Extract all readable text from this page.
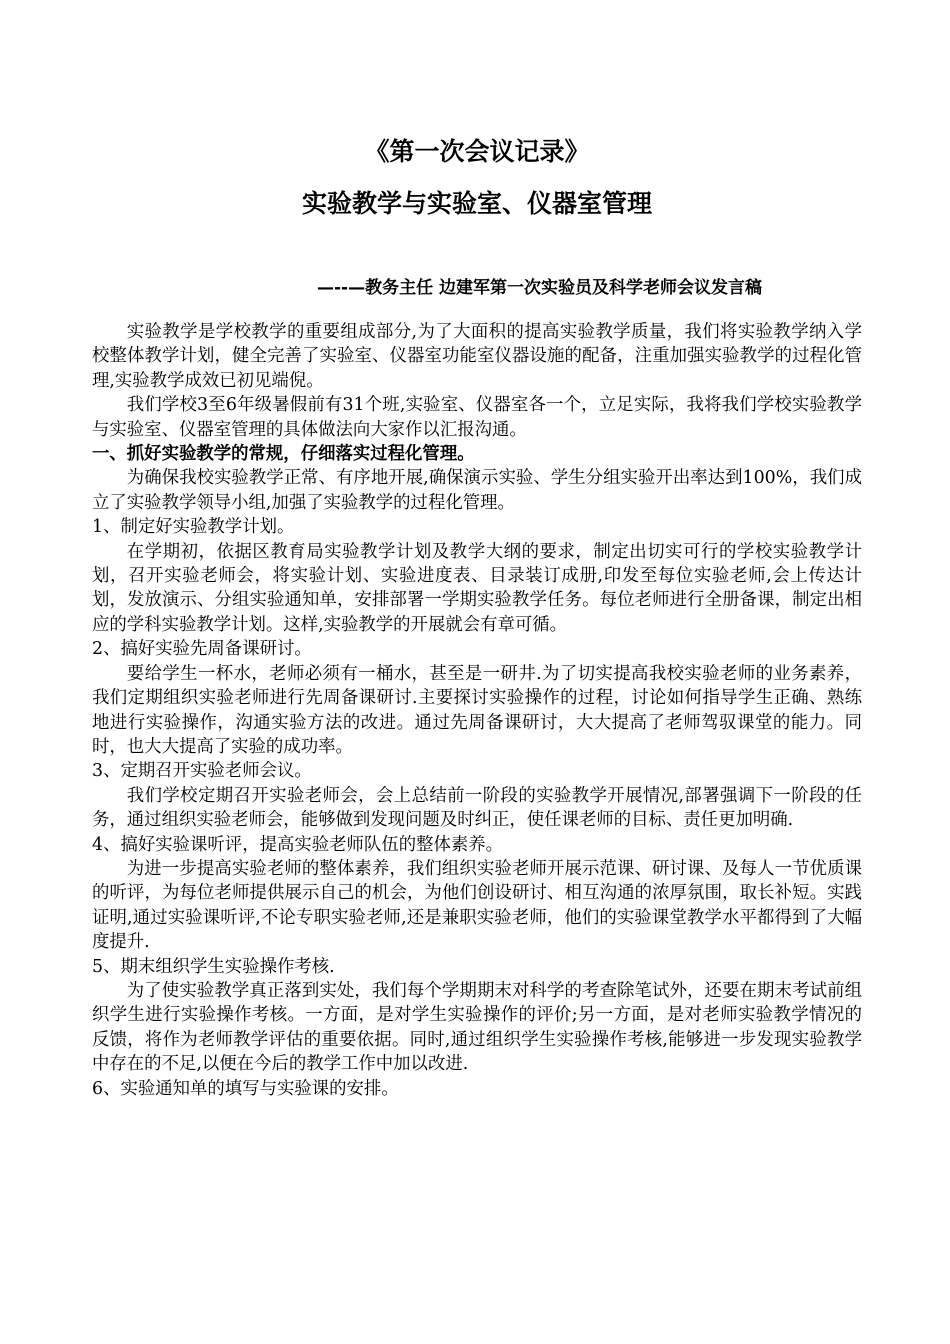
《第一次会议记录》
实验教学与实验室、仪器室管理
—--—教务主任 边建军第一次实验员及科学老师会议发言稿

实验教学是学校教学的重要组成部分,为了大面积的提高实验教学质量，我们将实验教学纳入学校整体教学计划，健全完善了实验室、仪器室功能室仪器设施的配备，注重加强实验教学的过程化管理,实验教学成效已初见端倪。

我们学校3至6年级暑假前有31个班,实验室、仪器室各一个，立足实际，我将我们学校实验教学与实验室、仪器室管理的具体做法向大家作以汇报沟通。

一、抓好实验教学的常规，仔细落实过程化管理。

为确保我校实验教学正常、有序地开展,确保演示实验、学生分组实验开出率达到100%，我们成立了实验教学领导小组,加强了实验教学的过程化管理。

1、制定好实验教学计划。

在学期初，依据区教育局实验教学计划及教学大纲的要求，制定出切实可行的学校实验教学计划，召开实验老师会，将实验计划、实验进度表、目录装订成册,印发至每位实验老师,会上传达计划，发放演示、分组实验通知单，安排部署一学期实验教学任务。每位老师进行全册备课，制定出相应的学科实验教学计划。这样,实验教学的开展就会有章可循。

2、搞好实验先周备课研讨。

要给学生一杯水，老师必须有一桶水，甚至是一研井.为了切实提高我校实验老师的业务素养，我们定期组织实验老师进行先周备课研讨.主要探讨实验操作的过程，讨论如何指导学生正确、熟练地进行实验操作，沟通实验方法的改进。通过先周备课研讨，大大提高了老师驾驭课堂的能力。同时，也大大提高了实验的成功率。

3、定期召开实验老师会议。

我们学校定期召开实验老师会，会上总结前一阶段的实验教学开展情况,部署强调下一阶段的任务，通过组织实验老师会，能够做到发现问题及时纠正，使任课老师的目标、责任更加明确.

4、搞好实验课听评，提高实验老师队伍的整体素养。

为进一步提高实验老师的整体素养，我们组织实验老师开展示范课、研讨课、及每人一节优质课的听评，为每位老师提供展示自己的机会，为他们创设研讨、相互沟通的浓厚氛围，取长补短。实践证明,通过实验课听评,不论专职实验老师,还是兼职实验老师，他们的实验课堂教学水平都得到了大幅度提升.

5、期末组织学生实验操作考核.

为了使实验教学真正落到实处，我们每个学期期末对科学的考查除笔试外，还要在期末考试前组织学生进行实验操作考核。一方面，是对学生实验操作的评价;另一方面，是对老师实验教学情况的反馈，将作为老师教学评估的重要依据。同时,通过组织学生实验操作考核,能够进一步发现实验教学中存在的不足,以便在今后的教学工作中加以改进.

6、实验通知单的填写与实验课的安排。
